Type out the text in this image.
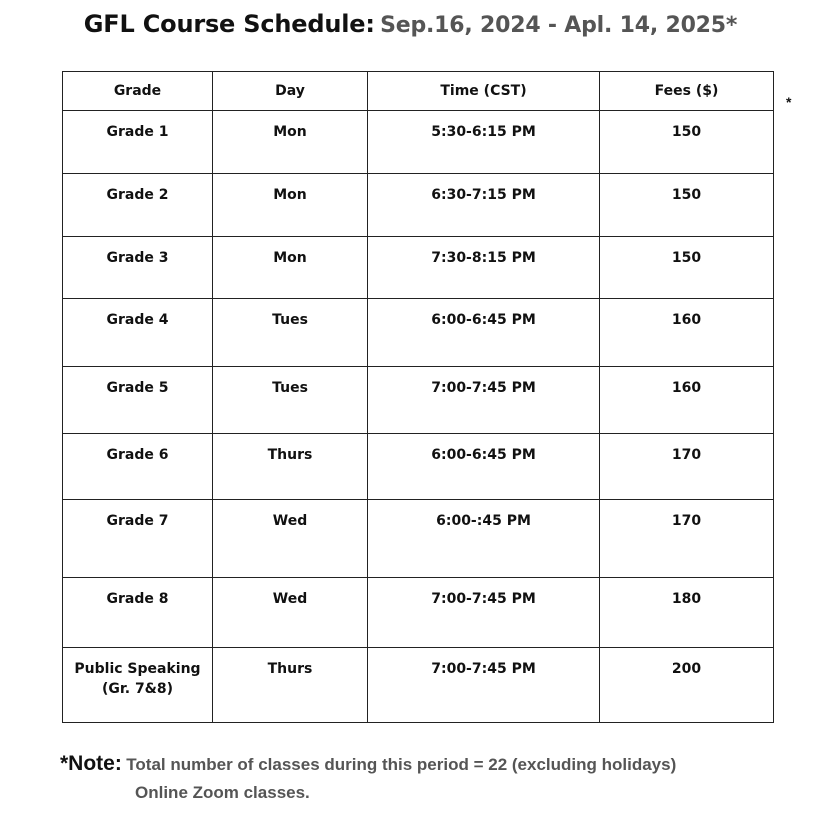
GFL Course Schedule: Sep.16, 2024 - Apl. 14, 2025*
*
Grade	Day	Time (CST)	Fees ($)

Grade 1	Mon	5:30-6:15 PM	150

Grade 2	Mon	6:30-7:15 PM	150

Grade 3	Mon	7:30-8:15 PM	150

Grade 4	Tues	6:00-6:45 PM	160

Grade 5	Tues	7:00-7:45 PM	160

Grade 6	Thurs	6:00-6:45 PM	170

Grade 7	Wed	6:00-:45 PM	170

Grade 8	Wed	7:00-7:45 PM	180

Public Speaking (Gr. 7&8)	Thurs	7:00-7:45 PM	200
*Note: Total number of classes during this period = 22 (excluding holidays)
Online Zoom classes.
